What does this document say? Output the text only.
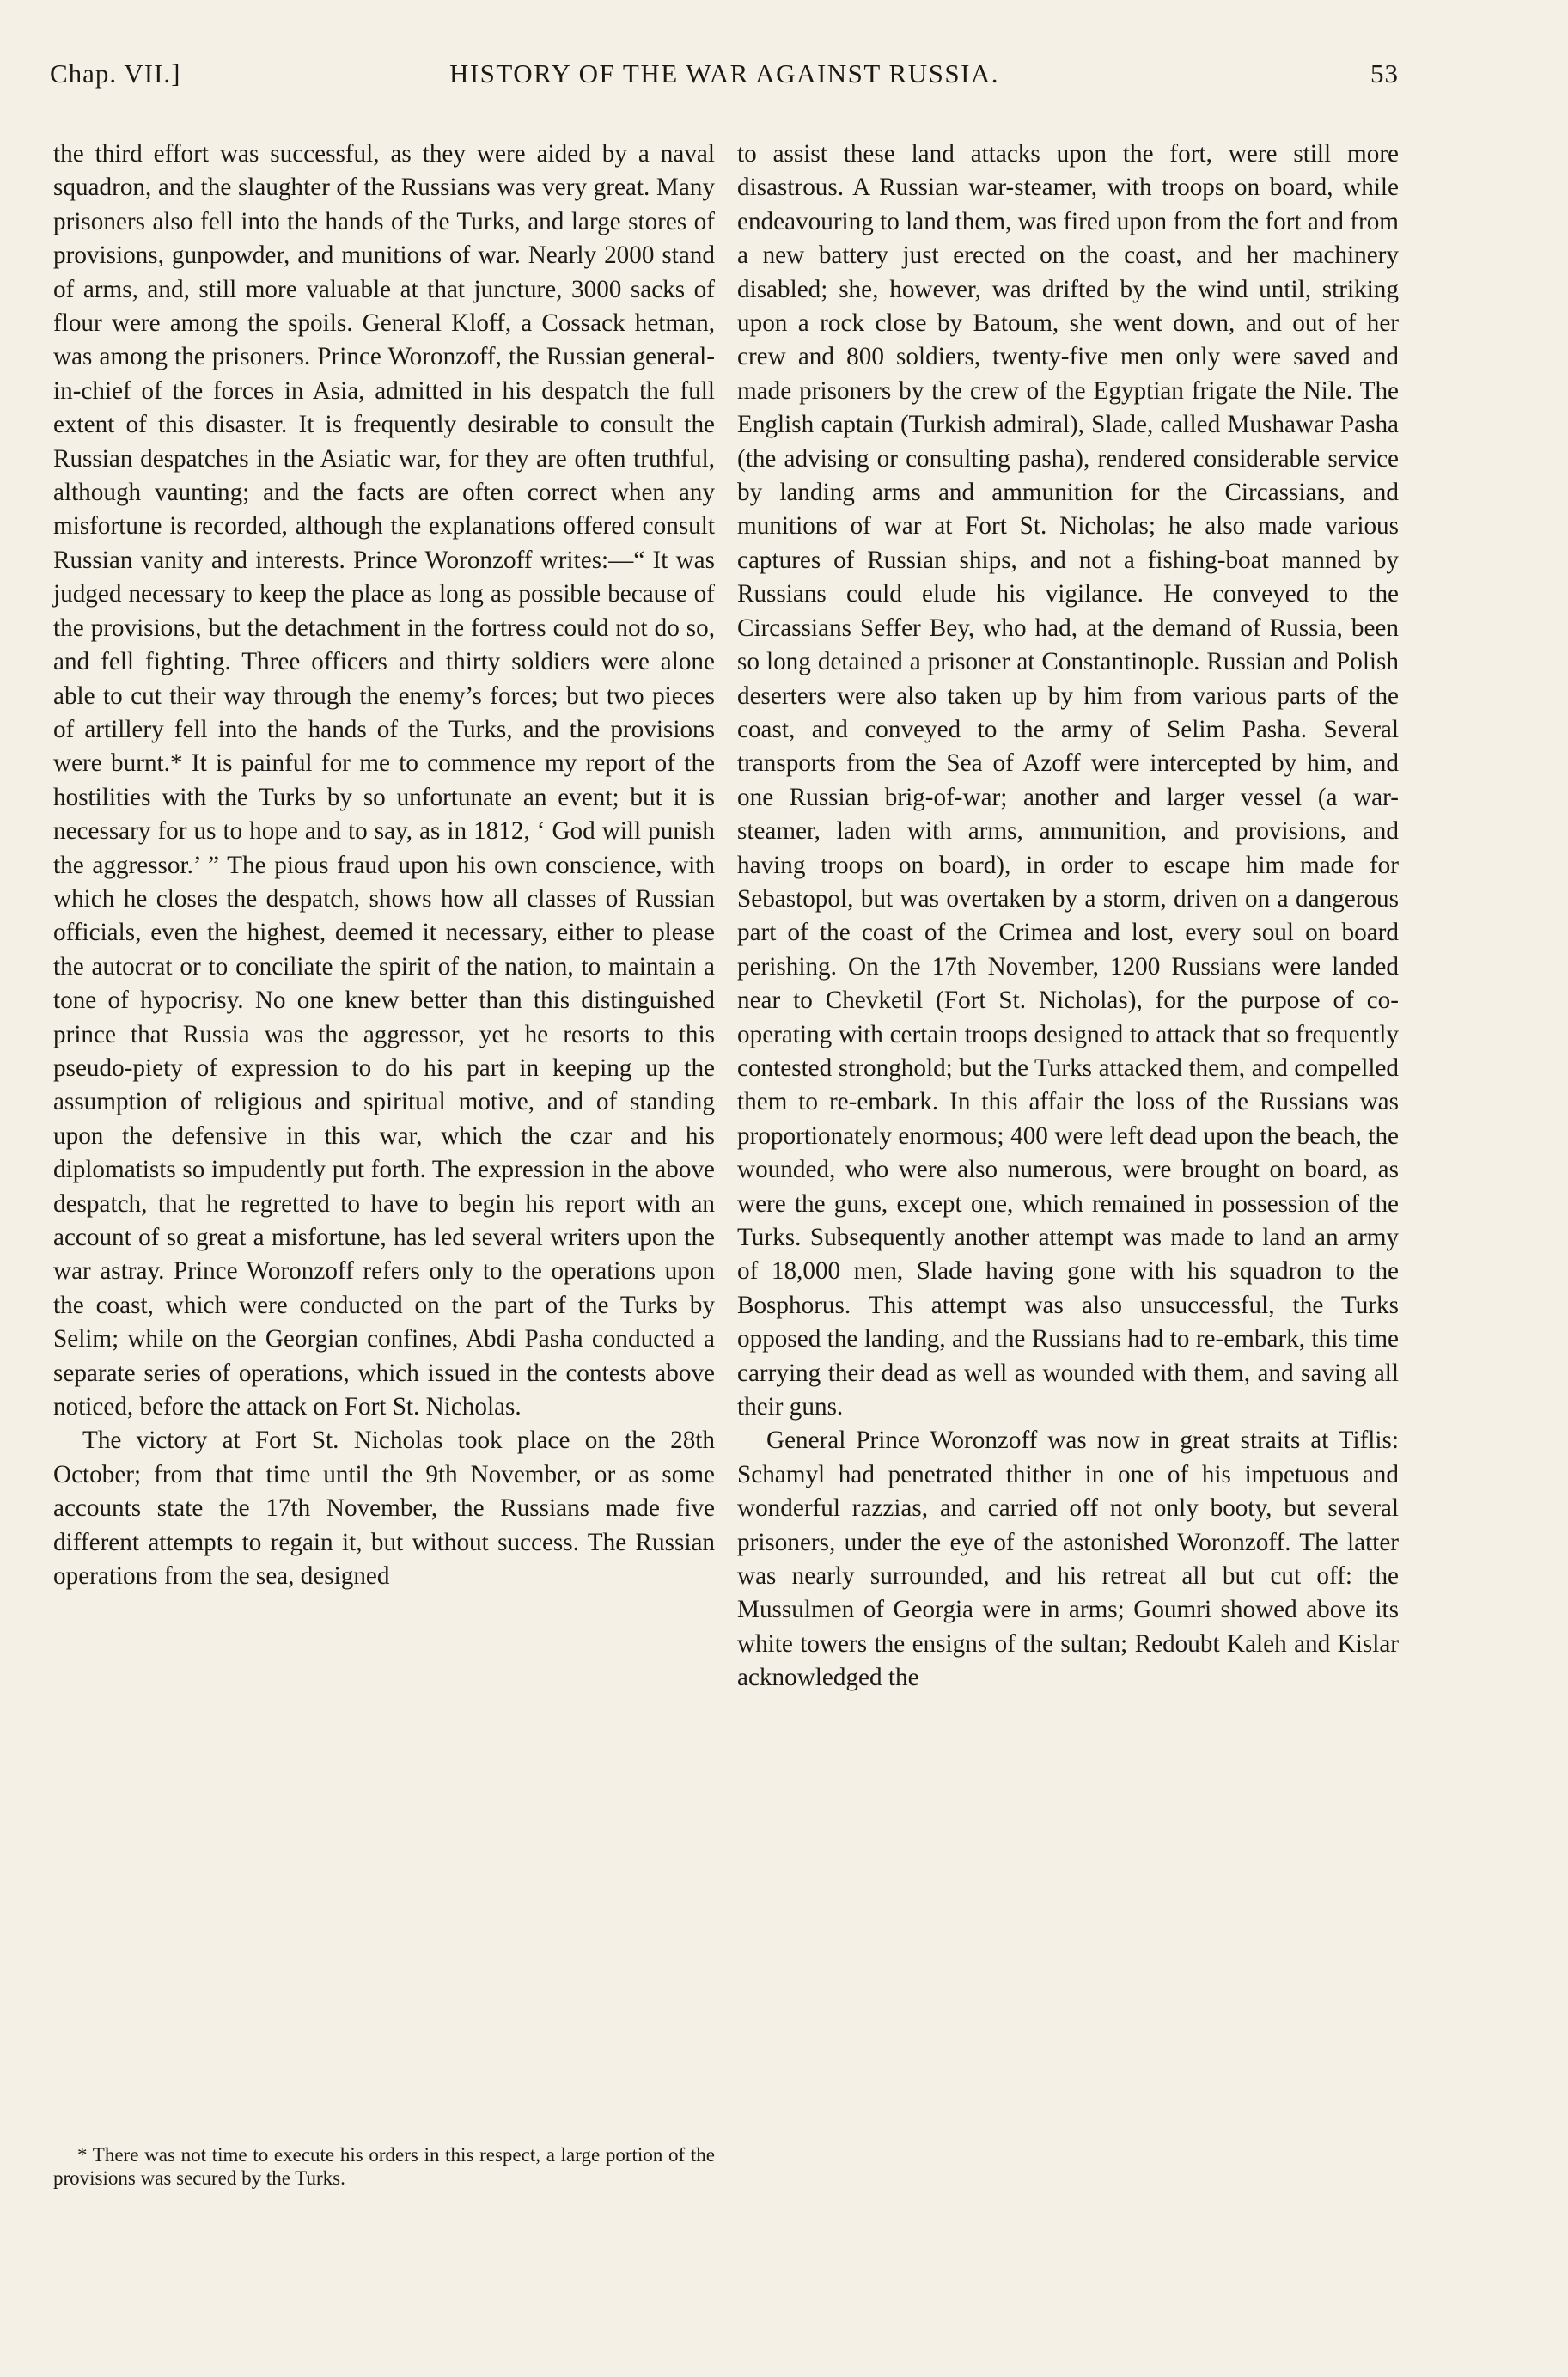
Chap. VII.]	HISTORY OF THE WAR AGAINST RUSSIA.	53

the third effort was successful, as they were aided by a naval squadron, and the slaughter of the Russians was very great. Many prisoners also fell into the hands of the Turks, and large stores of provisions, gunpowder, and munitions of war. Nearly 2000 stand of arms, and, still more valuable at that juncture, 3000 sacks of flour were among the spoils. General Kloff, a Cossack hetman, was among the prisoners. Prince Woronzoff, the Russian general-in-chief of the forces in Asia, admitted in his despatch the full extent of this disaster. It is frequently desirable to consult the Russian despatches in the Asiatic war, for they are often truthful, although vaunting; and the facts are often correct when any misfortune is recorded, although the explanations offered consult Russian vanity and interests. Prince Woronzoff writes:—“ It was judged necessary to keep the place as long as possible because of the provisions, but the detachment in the fortress could not do so, and fell fighting. Three officers and thirty soldiers were alone able to cut their way through the enemy’s forces; but two pieces of artillery fell into the hands of the Turks, and the provisions were burnt.* It is painful for me to commence my report of the hostilities with the Turks by so unfortunate an event; but it is necessary for us to hope and to say, as in 1812, ‘ God will punish the aggressor.’ ” The pious fraud upon his own conscience, with which he closes the despatch, shows how all classes of Russian officials, even the highest, deemed it necessary, either to please the autocrat or to conciliate the spirit of the nation, to maintain a tone of hypocrisy. No one knew better than this distinguished prince that Russia was the aggressor, yet he resorts to this pseudo-piety of expression to do his part in keeping up the assumption of religious and spiritual motive, and of standing upon the defensive in this war, which the czar and his diplomatists so impudently put forth. The expression in the above despatch, that he regretted to have to begin his report with an account of so great a misfortune, has led several writers upon the war astray. Prince Woronzoff refers only to the operations upon the coast, which were conducted on the part of the Turks by Selim; while on the Georgian confines, Abdi Pasha conducted a separate series of operations, which issued in the contests above noticed, before the attack on Fort St. Nicholas.

The victory at Fort St. Nicholas took place on the 28th October; from that time until the 9th November, or as some accounts state the 17th November, the Russians made five different attempts to regain it, but without success. The Russian operations from the sea, designed

* There was not time to execute his orders in this respect, a large portion of the provisions was secured by the Turks.

to assist these land attacks upon the fort, were still more disastrous. A Russian war-steamer, with troops on board, while endeavouring to land them, was fired upon from the fort and from a new battery just erected on the coast, and her machinery disabled; she, however, was drifted by the wind until, striking upon a rock close by Batoum, she went down, and out of her crew and 800 soldiers, twenty-five men only were saved and made prisoners by the crew of the Egyptian frigate the Nile. The English captain (Turkish admiral), Slade, called Mushawar Pasha (the advising or consulting pasha), rendered considerable service by landing arms and ammunition for the Circassians, and munitions of war at Fort St. Nicholas; he also made various captures of Russian ships, and not a fishing-boat manned by Russians could elude his vigilance. He conveyed to the Circassians Seffer Bey, who had, at the demand of Russia, been so long detained a prisoner at Constantinople. Russian and Polish deserters were also taken up by him from various parts of the coast, and conveyed to the army of Selim Pasha. Several transports from the Sea of Azoff were intercepted by him, and one Russian brig-of-war; another and larger vessel (a war-steamer, laden with arms, ammunition, and provisions, and having troops on board), in order to escape him made for Sebastopol, but was overtaken by a storm, driven on a dangerous part of the coast of the Crimea and lost, every soul on board perishing. On the 17th November, 1200 Russians were landed near to Chevketil (Fort St. Nicholas), for the purpose of co-operating with certain troops designed to attack that so frequently contested stronghold; but the Turks attacked them, and compelled them to re-embark. In this affair the loss of the Russians was proportionately enormous; 400 were left dead upon the beach, the wounded, who were also numerous, were brought on board, as were the guns, except one, which remained in possession of the Turks. Subsequently another attempt was made to land an army of 18,000 men, Slade having gone with his squadron to the Bosphorus. This attempt was also unsuccessful, the Turks opposed the landing, and the Russians had to re-embark, this time carrying their dead as well as wounded with them, and saving all their guns.

General Prince Woronzoff was now in great straits at Tiflis: Schamyl had penetrated thither in one of his impetuous and wonderful razzias, and carried off not only booty, but several prisoners, under the eye of the astonished Woronzoff. The latter was nearly surrounded, and his retreat all but cut off: the Mussulmen of Georgia were in arms; Goumri showed above its white towers the ensigns of the sultan; Redoubt Kaleh and Kislar acknowledged the
